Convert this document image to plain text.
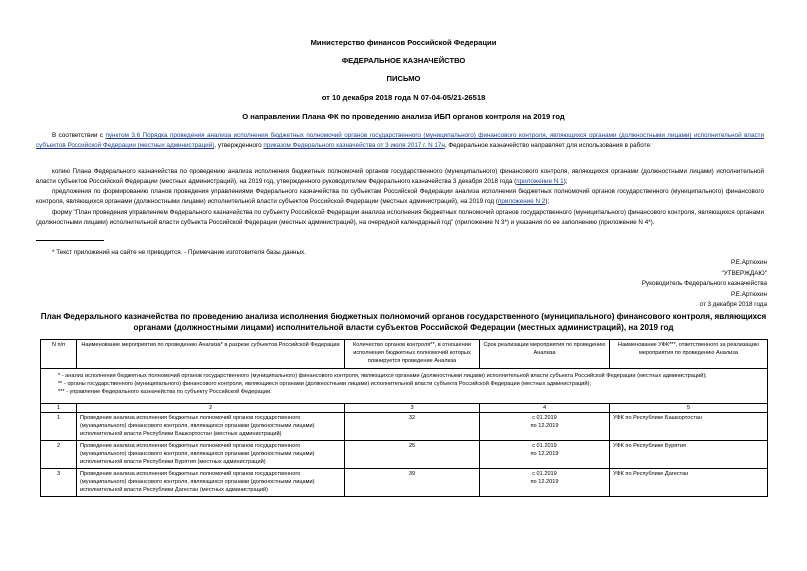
Министерство финансов Российской Федерации
ФЕДЕРАЛЬНОЕ КАЗНАЧЕЙСТВО
ПИСЬМО
от 10 декабря 2018 года N 07-04-05/21-26518
О направлении Плана ФК по проведению анализа ИБП органов контроля на 2019 год
В соответствии с пунктом 3.6 Порядка проведения анализа исполнения бюджетных полномочий органов государственного (муниципального) финансового контроля, являющихся органами (должностными лицами) исполнительной власти субъектов Российской Федерации (местных администраций), утвержденного приказом Федерального казначейства от 3 июля 2017 г. N 17н, Федеральное казначейство направляет для использования в работе:
копию Плана Федерального казначейства по проведению анализа исполнения бюджетных полномочий органов государственного (муниципального) финансового контроля, являющихся органами (должностными лицами) исполнительной власти субъектов Российской Федерации (местных администраций), на 2019 год, утвержденного руководителем Федерального казначейства 3 декабря 2018 года (приложение N 1);
предложения по формированию планов проведения управлениями Федерального казначейства по субъектам Российской Федерации анализа исполнения бюджетных полномочий органов государственного (муниципального) финансового контроля, являющихся органами (должностными лицами) исполнительной власти субъектов Российской Федерации (местных администраций), на 2019 год (приложение N 2);
форму "План проведения управлением Федерального казначейства по субъекту Российской Федерации анализа исполнения бюджетных полномочий органов государственного (муниципального) финансового контроля, являющихся органами (должностными лицами) исполнительной власти субъекта Российской Федерации (местных администраций), на очередной календарный год" (приложение N 3*) и указания по ее заполнению (приложение N 4*).
* Текст приложений на сайте не приводится. - Примечание изготовителя базы данных.
Р.Е.Артюхин
"УТВЕРЖДАЮ"
Руководитель Федерального казначейства
Р.Е.Артюхин
от 3 декабря 2018 года
План Федерального казначейства по проведению анализа исполнения бюджетных полномочий органов государственного (муниципального) финансового контроля, являющихся органами (должностными лицами) исполнительной власти субъектов Российской Федерации (местных администраций), на 2019 год
N п/п	Наименование мероприятия по проведению Анализа* в разрезе субъектов Российской Федерации	Количество органов контроля**, в отношении исполнения бюджетных полномочий которых планируется проведение Анализа	Срок реализации мероприятия по проведению Анализа	Наименование УФК***, ответственного за реализацию мероприятия по проведению Анализа

* - анализ исполнения бюджетных полномочий органов государственного (муниципального) финансового контроля, являющихся органами (должностными лицами) исполнительной власти субъекта Российской Федерации (местных администраций);
** - органы государственного (муниципального) финансового контроля, являющиеся органами (должностными лицами) исполнительной власти субъекта Российской Федерации (местных администраций);
*** - управление Федерального казначейства по субъекту Российской Федерации.				

1	2	3	4	5
1	Проведение анализа исполнения бюджетных полномочий органов государственного (муниципального) финансового контроля, являющихся органами (должностными лицами) исполнительной власти Республики Башкортостан (местных администраций)	32	с 01.2019
по 12.2019	УФК по Республике Башкортостан
2	Проведение анализа исполнения бюджетных полномочий органов государственного (муниципального) финансового контроля, являющихся органами (должностными лицами) исполнительной власти Республики Бурятия (местных администраций)	25	с 01.2019
по 12.2019	УФК по Республике Бурятия
3	Проведение анализа исполнения бюджетных полномочий органов государственного (муниципального) финансового контроля, являющихся органами (должностными лицами) исполнительной власти Республики Дагестан (местных администраций)	39	с 01.2019
по 12.2019	УФК по Республике Дагестан
